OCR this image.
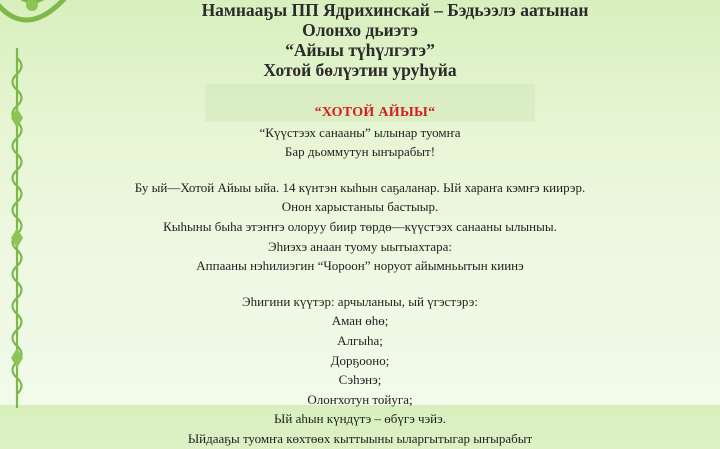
Намнааҕы ПП Ядрихинскай – Бэдьээлэ аатынан
Олонхо дьиэтэ
“Айыы түһүлгэтэ”
Хотой бөлүэтин уруһуйа
“ХОТОЙ АЙЫЫ“
“Күүстээх санааны” ылынар туомҥа
Бар дьоммутун ыҥырабыт!
Бу ый—Хотой Айыы ыйа. 14 күнтэн кыһын саҕаланар. Ый хараҥа кэмҥэ киирэр.
Онон харыстаныы бастыыр.
Кыһыны быһа этэҥҥэ олоруу биир төрдө—күүстээх санааны ылыныы.
Эһиэхэ анаан туому ыытыахтара:
Аппааны нэһилиэгин “Чороон” норуот айымньытын киинэ
Эһигини күүтэр: арчыланыы, ый үгэстэрэ:
Аман өһө;
Алгыһа;
Дорҕооно;
Сэһэнэ;
Олоҥхотун тойуга;
Ый аһын күндүтэ – өбүгэ чэйэ.
Ыйдааҕы туомҥа көхтөөх кыттыыны ыларгытыгар ыҥырабыт
